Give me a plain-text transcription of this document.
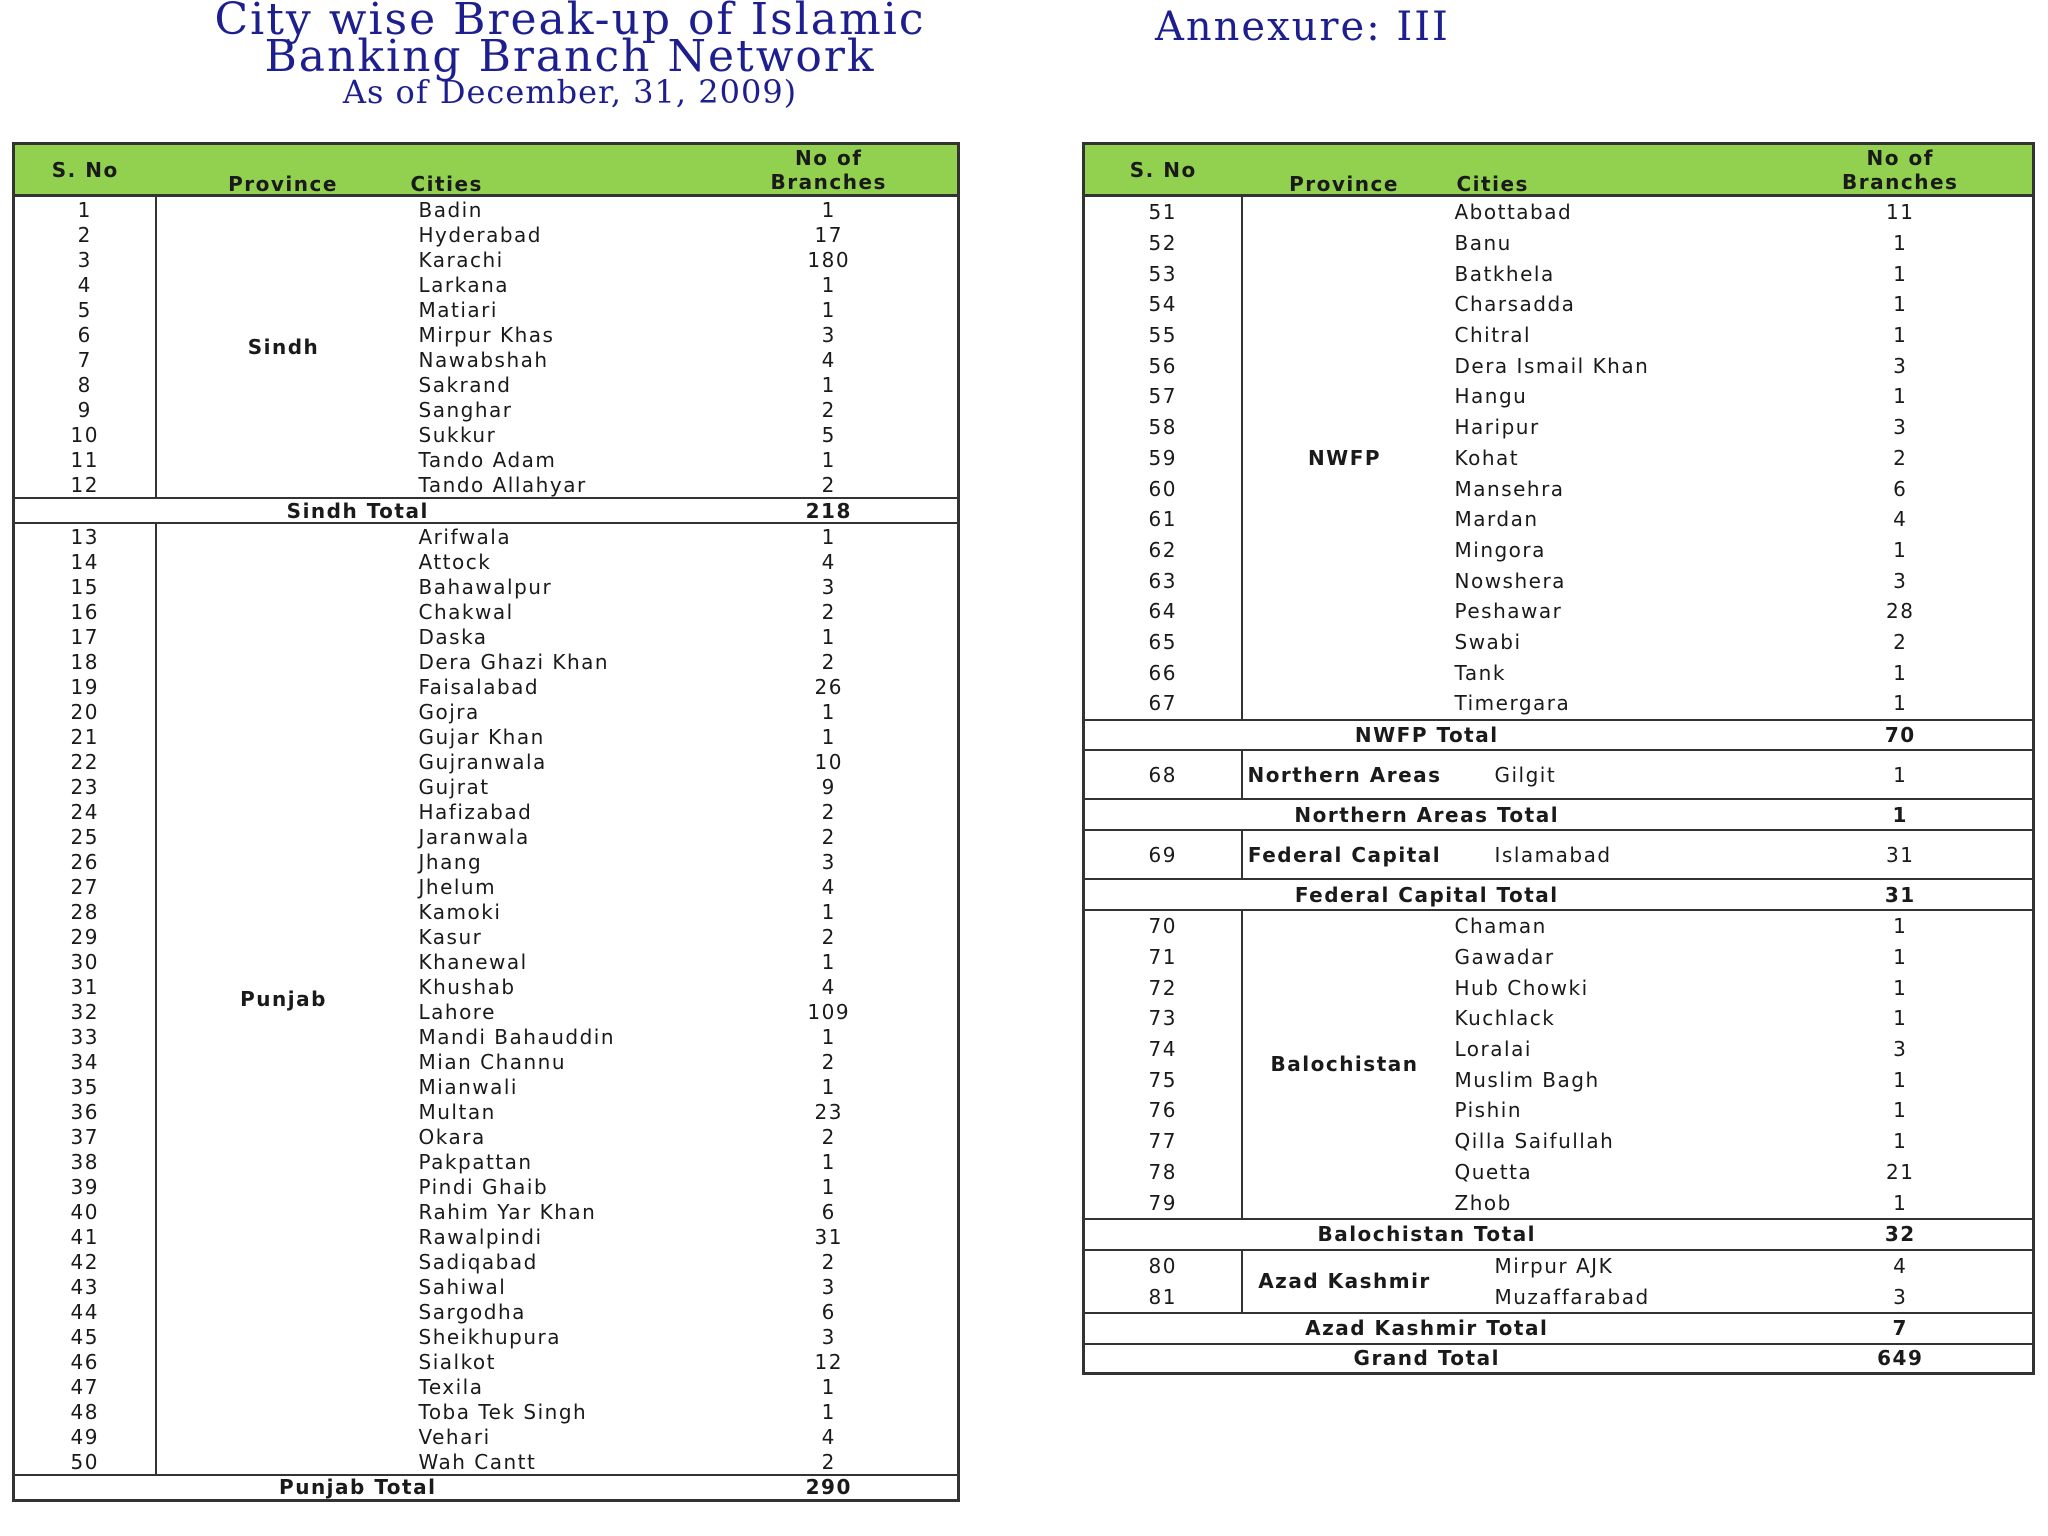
City wise Break-up of Islamic
Banking Branch Network
As of December, 31, 2009)
Annexure: III
S. No	Province	Cities	No of
Branches
1	Sindh	Badin	1
2		Hyderabad	17
3		Karachi	180
4		Larkana	1
5		Matiari	1
6		Mirpur Khas	3
7		Nawabshah	4
8		Sakrand	1
9		Sanghar	2
10		Sukkur	5
11		Tando Adam	1
12		Tando Allahyar	2
Sindh Total			218
13	Punjab	Arifwala	1
14		Attock	4
15		Bahawalpur	3
16		Chakwal	2
17		Daska	1
18		Dera Ghazi Khan	2
19		Faisalabad	26
20		Gojra	1
21		Gujar Khan	1
22		Gujranwala	10
23		Gujrat	9
24		Hafizabad	2
25		Jaranwala	2
26		Jhang	3
27		Jhelum	4
28		Kamoki	1
29		Kasur	2
30		Khanewal	1
31		Khushab	4
32		Lahore	109
33		Mandi Bahauddin	1
34		Mian Channu	2
35		Mianwali	1
36		Multan	23
37		Okara	2
38		Pakpattan	1
39		Pindi Ghaib	1
40		Rahim Yar Khan	6
41		Rawalpindi	31
42		Sadiqabad	2
43		Sahiwal	3
44		Sargodha	6
45		Sheikhupura	3
46		Sialkot	12
47		Texila	1
48		Toba Tek Singh	1
49		Vehari	4
50		Wah Cantt	2
Punjab Total			290
S. No	Province	Cities	No of
Branches
51	NWFP	Abottabad	11
52		Banu	1
53		Batkhela	1
54		Charsadda	1
55		Chitral	1
56		Dera Ismail Khan	3
57		Hangu	1
58		Haripur	3
59		Kohat	2
60		Mansehra	6
61		Mardan	4
62		Mingora	1
63		Nowshera	3
64		Peshawar	28
65		Swabi	2
66		Tank	1
67		Timergara	1
NWFP Total			70
68	Northern Areas	Gilgit	1
Northern Areas Total			1
69	Federal Capital	Islamabad	31
Federal Capital Total			31
70	Balochistan	Chaman	1
71		Gawadar	1
72		Hub Chowki	1
73		Kuchlack	1
74		Loralai	3
75		Muslim Bagh	1
76		Pishin	1
77		Qilla Saifullah	1
78		Quetta	21
79		Zhob	1
Balochistan Total			32
80	Azad Kashmir	Mirpur AJK	4
81		Muzaffarabad	3
Azad Kashmir Total			7
Grand Total			649
